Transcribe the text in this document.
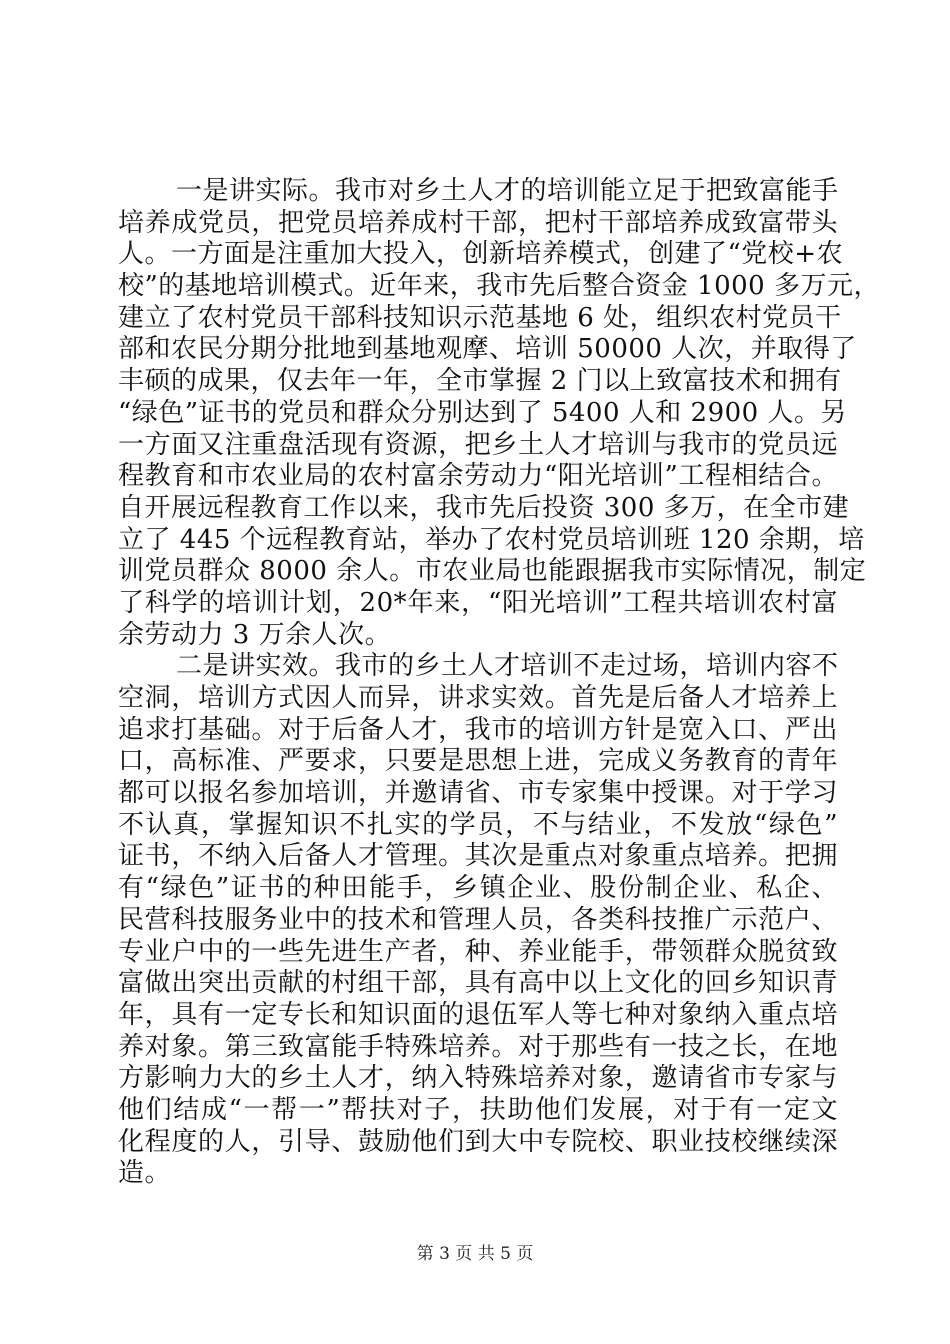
一是讲实际。我市对乡土人才的培训能立足于把致富能手
培养成党员，把党员培养成村干部，把村干部培养成致富带头
人。一方面是注重加大投入，创新培养模式，创建了“党校+农
校”的基地培训模式。近年来，我市先后整合资金 1000 多万元，
建立了农村党员干部科技知识示范基地 6 处，组织农村党员干
部和农民分期分批地到基地观摩、培训 50000 人次，并取得了
丰硕的成果，仅去年一年，全市掌握 2 门以上致富技术和拥有
“绿色”证书的党员和群众分别达到了 5400 人和 2900 人。另
一方面又注重盘活现有资源，把乡土人才培训与我市的党员远
程教育和市农业局的农村富余劳动力“阳光培训”工程相结合。
自开展远程教育工作以来，我市先后投资 300 多万，在全市建
立了 445 个远程教育站，举办了农村党员培训班 120 余期，培
训党员群众 8000 余人。市农业局也能跟据我市实际情况，制定
了科学的培训计划，20*年来，“阳光培训”工程共培训农村富
余劳动力 3 万余人次。
二是讲实效。我市的乡土人才培训不走过场，培训内容不
空洞，培训方式因人而异，讲求实效。首先是后备人才培养上
追求打基础。对于后备人才，我市的培训方针是宽入口、严出
口，高标准、严要求，只要是思想上进，完成义务教育的青年
都可以报名参加培训，并邀请省、市专家集中授课。对于学习
不认真，掌握知识不扎实的学员，不与结业，不发放“绿色”
证书，不纳入后备人才管理。其次是重点对象重点培养。把拥
有“绿色”证书的种田能手，乡镇企业、股份制企业、私企、
民营科技服务业中的技术和管理人员，各类科技推广示范户、
专业户中的一些先进生产者，种、养业能手，带领群众脱贫致
富做出突出贡献的村组干部，具有高中以上文化的回乡知识青
年，具有一定专长和知识面的退伍军人等七种对象纳入重点培
养对象。第三致富能手特殊培养。对于那些有一技之长，在地
方影响力大的乡土人才，纳入特殊培养对象，邀请省市专家与
他们结成“一帮一”帮扶对子，扶助他们发展，对于有一定文
化程度的人，引导、鼓励他们到大中专院校、职业技校继续深
造。
第 3 页 共 5 页
